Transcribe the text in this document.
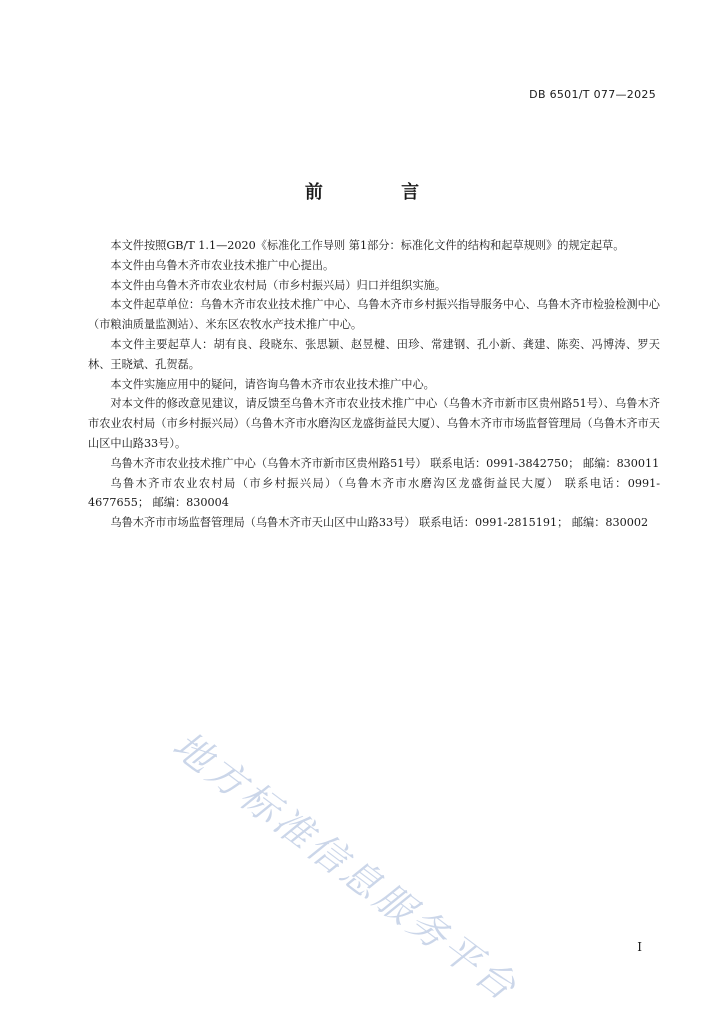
DB 6501/T 077—2025
前 言

本文件按照GB/T 1.1—2020《标准化工作导则 第1部分：标准化文件的结构和起草规则》的规定起草。

本文件由乌鲁木齐市农业技术推广中心提出。

本文件由乌鲁木齐市农业农村局（市乡村振兴局）归口并组织实施。

本文件起草单位：乌鲁木齐市农业技术推广中心、乌鲁木齐市乡村振兴指导服务中心、乌鲁木齐市检验检测中心（市粮油质量监测站）、米东区农牧水产技术推广中心。

本文件主要起草人：胡有良、段晓东、张思颖、赵昱楗、田珍、常建钢、孔小新、龚建、陈奕、冯博涛、罗天林、王晓斌、孔贺磊。

本文件实施应用中的疑问，请咨询乌鲁木齐市农业技术推广中心。

对本文件的修改意见建议，请反馈至乌鲁木齐市农业技术推广中心（乌鲁木齐市新市区贵州路51号）、乌鲁木齐市农业农村局（市乡村振兴局）（乌鲁木齐市水磨沟区龙盛街益民大厦）、乌鲁木齐市市场监督管理局（乌鲁木齐市天山区中山路33号）。

乌鲁木齐市农业技术推广中心（乌鲁木齐市新市区贵州路51号） 联系电话：0991-3842750； 邮编：830011

乌鲁木齐市农业农村局（市乡村振兴局）（乌鲁木齐市水磨沟区龙盛街益民大厦） 联系电话：0991-4677655； 邮编：830004

乌鲁木齐市市场监督管理局（乌鲁木齐市天山区中山路33号） 联系电话：0991-2815191； 邮编：830002

地方标准信息服务平台	I
